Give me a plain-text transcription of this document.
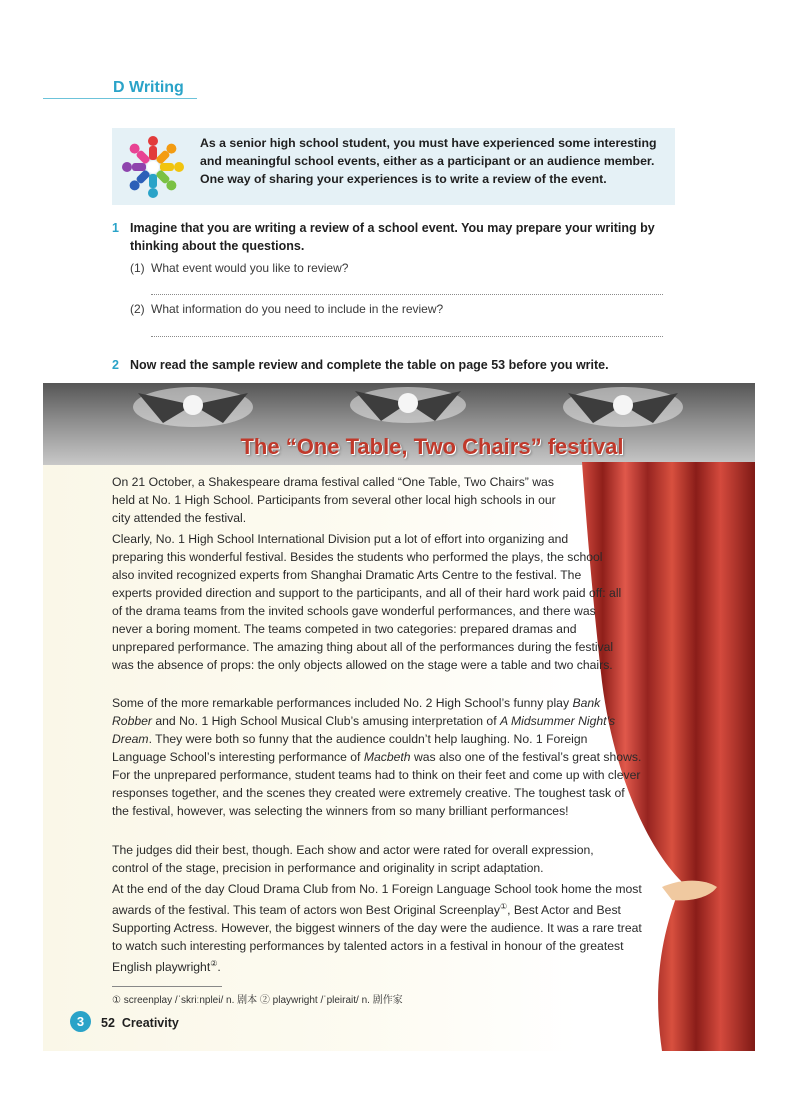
D Writing
As a senior high school student, you must have experienced some interesting and meaningful school events, either as a participant or an audience member. One way of sharing your experiences is to write a review of the event.
1 Imagine that you are writing a review of a school event. You may prepare your writing by thinking about the questions.
(1) What event would you like to review?
(2) What information do you need to include in the review?
2 Now read the sample review and complete the table on page 53 before you write.
The “One Table, Two Chairs” festival
On 21 October, a Shakespeare drama festival called “One Table, Two Chairs” was held at No. 1 High School. Participants from several other local high schools in our city attended the festival.
Clearly, No. 1 High School International Division put a lot of effort into organizing and preparing this wonderful festival. Besides the students who performed the plays, the school also invited recognized experts from Shanghai Dramatic Arts Centre to the festival. The experts provided direction and support to the participants, and all of their hard work paid off: all of the drama teams from the invited schools gave wonderful performances, and there was never a boring moment. The teams competed in two categories: prepared dramas and unprepared performance. The amazing thing about all of the performances during the festival was the absence of props: the only objects allowed on the stage were a table and two chairs.
Some of the more remarkable performances included No. 2 High School’s funny play Bank Robber and No. 1 High School Musical Club’s amusing interpretation of A Midsummer Night’s Dream. They were both so funny that the audience couldn’t help laughing. No. 1 Foreign Language School’s interesting performance of Macbeth was also one of the festival’s great shows. For the unprepared performance, student teams had to think on their feet and come up with clever responses together, and the scenes they created were extremely creative. The toughest task of the festival, however, was selecting the winners from so many brilliant performances!
The judges did their best, though. Each show and actor were rated for overall expression, control of the stage, precision in performance and originality in script adaptation.
At the end of the day Cloud Drama Club from No. 1 Foreign Language School took home the most awards of the festival. This team of actors won Best Original Screenplay①, Best Actor and Best Supporting Actress. However, the biggest winners of the day were the audience. It was a rare treat to watch such interesting performances by talented actors in a festival in honour of the greatest English playwright②.
① screenplay /ˈskriːnplei/ n. 剧本 ② playwright /ˈpleirait/ n. 剧作家
3	52 Creativity
